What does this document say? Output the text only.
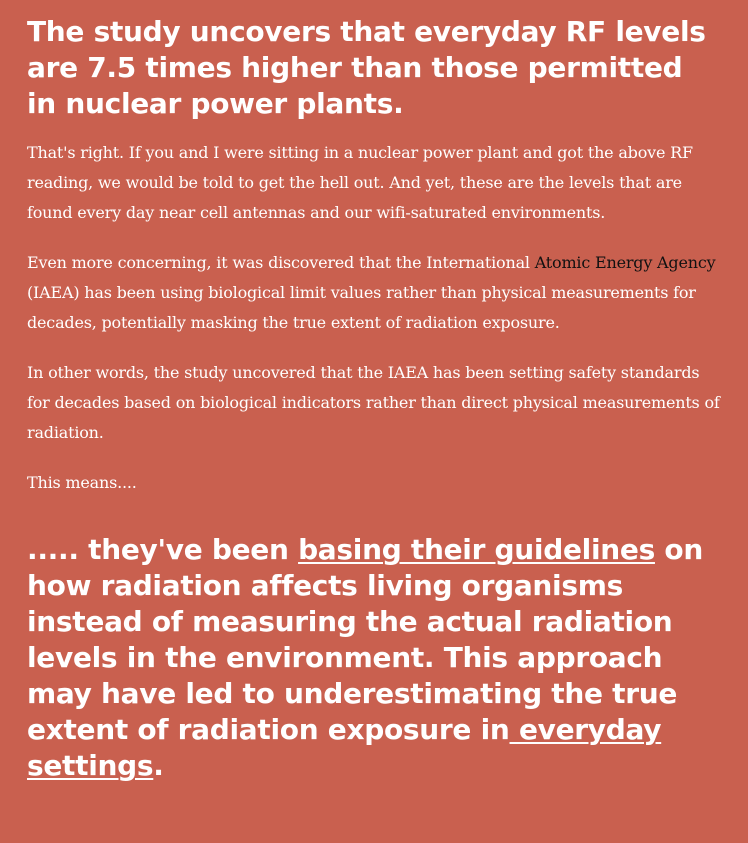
The study uncovers that everyday RF levels are 7.5 times higher than those permitted in nuclear power plants.

That's right. If you and I were sitting in a nuclear power plant and got the above RF reading, we would be told to get the hell out. And yet, these are the levels that are found every day near cell antennas and our wifi-saturated environments.

Even more concerning, it was discovered that the International Atomic Energy Agency (IAEA) has been using biological limit values rather than physical measurements for decades, potentially masking the true extent of radiation exposure.

In other words, the study uncovered that the IAEA has been setting safety standards for decades based on biological indicators rather than direct physical measurements of radiation.

This means....

..... they've been basing their guidelines on how radiation affects living organisms instead of measuring the actual radiation levels in the environment. This approach may have led to underestimating the true extent of radiation exposure in everyday settings.
